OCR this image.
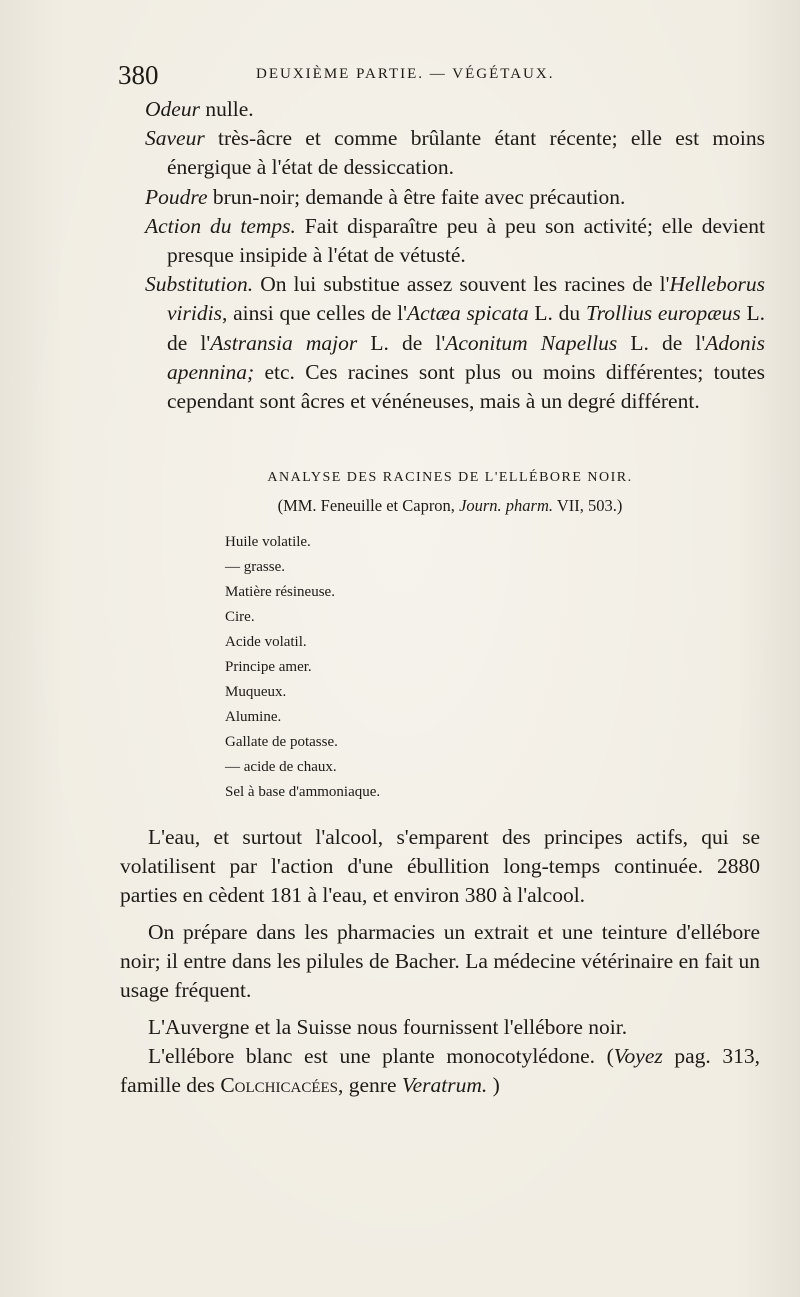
380	DEUXIÈME PARTIE. — VÉGÉTAUX.

Odeur nulle.

Saveur très-âcre et comme brûlante étant récente; elle est moins énergique à l'état de dessiccation.

Poudre brun-noir; demande à être faite avec précaution.

Action du temps. Fait disparaître peu à peu son activité; elle devient presque insipide à l'état de vétusté.

Substitution. On lui substitue assez souvent les racines de l'Helleborus viridis, ainsi que celles de l'Actæa spicata L. du Trollius europæus L. de l'Astransia major L. de l'Aconitum Napellus L. de l'Adonis apennina; etc. Ces racines sont plus ou moins différentes; toutes cependant sont âcres et vénéneuses, mais à un degré différent.

ANALYSE DES RACINES DE L'ELLÉBORE NOIR.

(MM. Feneuille et Capron, Journ. pharm. VII, 503.)

Huile volatile.
— grasse.
Matière résineuse.
Cire.
Acide volatil.
Principe amer.
Muqueux.
Alumine.
Gallate de potasse.
— acide de chaux.
Sel à base d'ammoniaque.

L'eau, et surtout l'alcool, s'emparent des principes actifs, qui se volatilisent par l'action d'une ébullition long-temps continuée. 2880 parties en cèdent 181 à l'eau, et environ 380 à l'alcool.

On prépare dans les pharmacies un extrait et une teinture d'ellébore noir; il entre dans les pilules de Bacher. La médecine vétérinaire en fait un usage fréquent.

L'Auvergne et la Suisse nous fournissent l'ellébore noir.

L'ellébore blanc est une plante monocotylédone. (Voyez pag. 313, famille des Colchicacées, genre Veratrum. )
